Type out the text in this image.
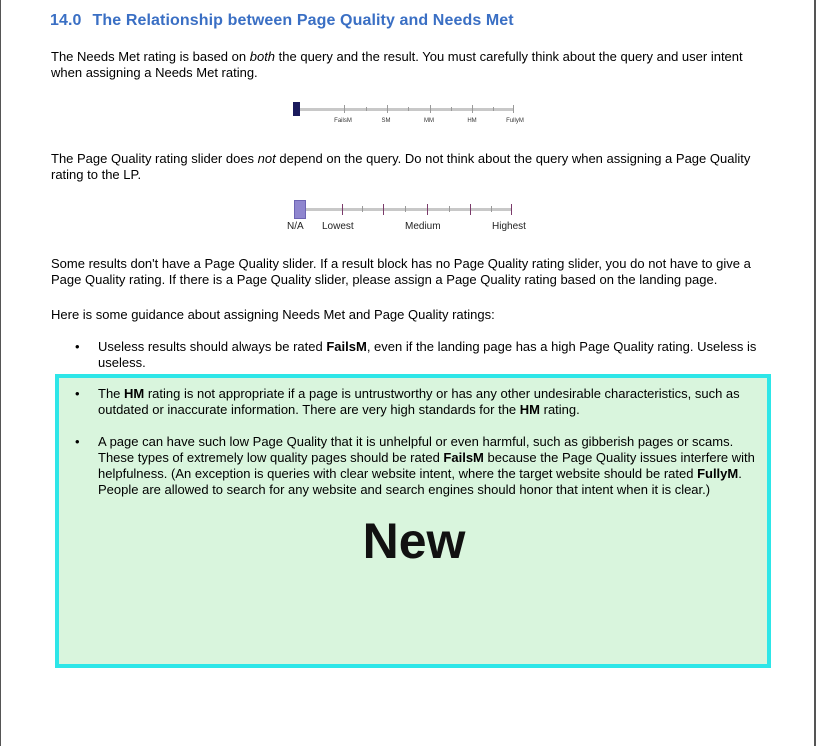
14.0 The Relationship between Page Quality and Needs Met
The Needs Met rating is based on both the query and the result. You must carefully think about the query and user intent when assigning a Needs Met rating.
FailsM	SM	MM	HM	FullyM
The Page Quality rating slider does not depend on the query. Do not think about the query when assigning a Page Quality rating to the LP.
N/A Lowest	Medium	Highest
Some results don't have a Page Quality slider. If a result block has no Page Quality rating slider, you do not have to give a Page Quality rating. If there is a Page Quality slider, please assign a Page Quality rating based on the landing page.
Here is some guidance about assigning Needs Met and Page Quality ratings:
• Useless results should always be rated FailsM, even if the landing page has a high Page Quality rating. Useless is useless.
• The HM rating is not appropriate if a page is untrustworthy or has any other undesirable characteristics, such as outdated or inaccurate information. There are very high standards for the HM rating.
• A page can have such low Page Quality that it is unhelpful or even harmful, such as gibberish pages or scams. These types of extremely low quality pages should be rated FailsM because the Page Quality issues interfere with helpfulness. (An exception is queries with clear website intent, where the target website should be rated FullyM. People are allowed to search for any website and search engines should honor that intent when it is clear.)
New
